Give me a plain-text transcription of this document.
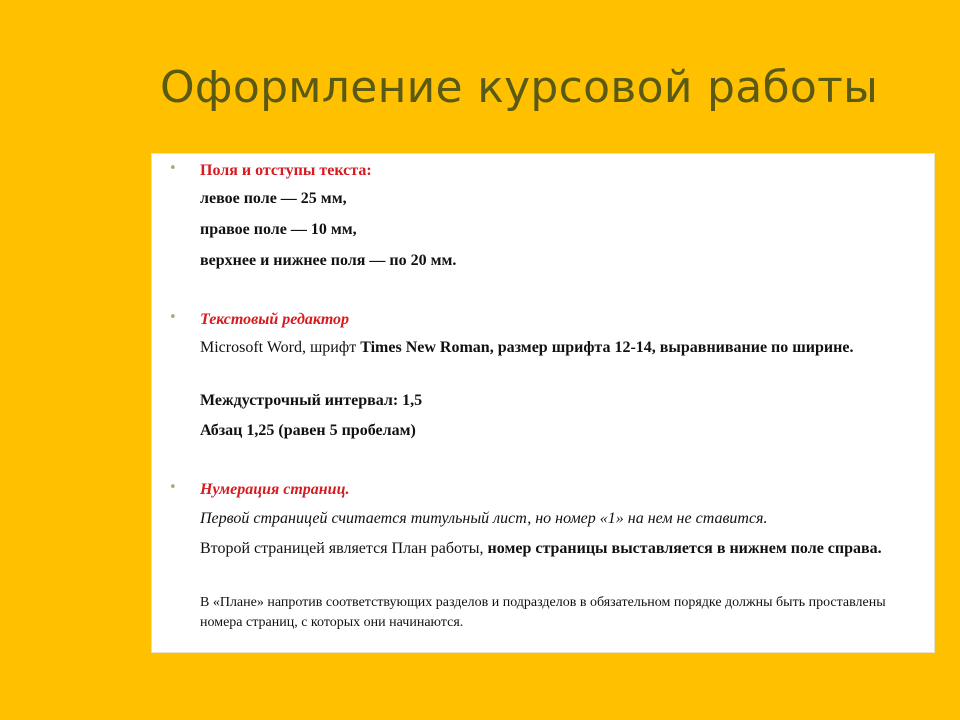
Оформление курсовой работы
• Поля и отступы текста:
левое поле — 25 мм,
правое поле — 10 мм,
верхнее и нижнее поля — по 20 мм.
• Текстовый редактор
Microsoft Word, шрифт Times New Roman, размер шрифта 12-14, выравнивание по ширине.
Междустрочный интервал: 1,5
Абзац 1,25 (равен 5 пробелам)
• Нумерация страниц.
Первой страницей считается титульный лист, но номер «1» на нем не ставится.
Второй страницей является План работы, номер страницы выставляется в нижнем поле справа.
В «Плане» напротив соответствующих разделов и подразделов в обязательном порядке должны быть проставлены номера страниц, с которых они начинаются.
